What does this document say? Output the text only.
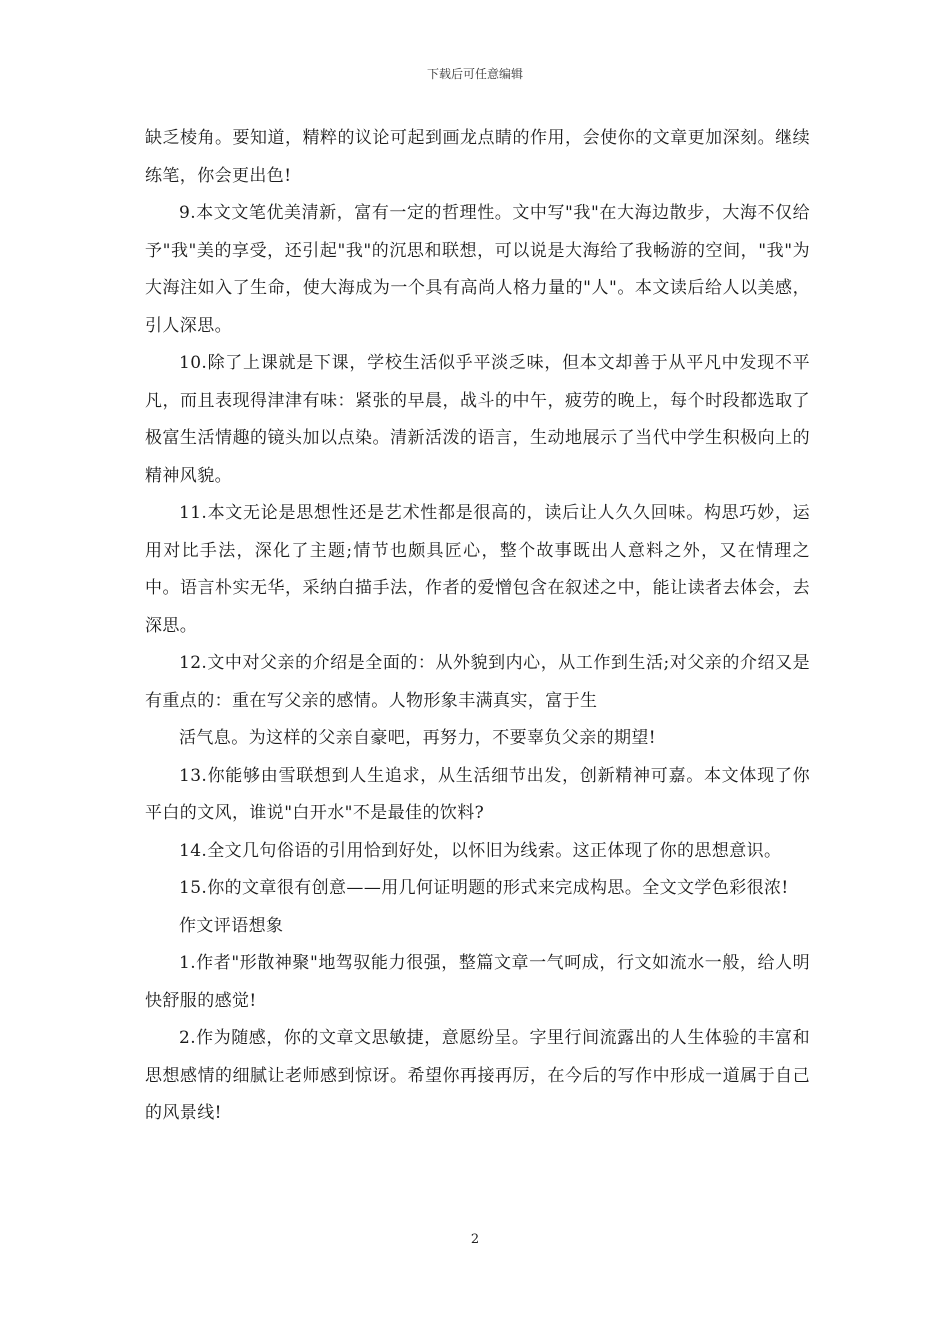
下载后可任意编辑

缺乏棱角。要知道，精粹的议论可起到画龙点睛的作用，会使你的文章更加深刻。继续练笔，你会更出色!

9.本文文笔优美清新，富有一定的哲理性。文中写"我"在大海边散步，大海不仅给予"我"美的享受，还引起"我"的沉思和联想，可以说是大海给了我畅游的空间，"我"为大海注如入了生命，使大海成为一个具有高尚人格力量的"人"。本文读后给人以美感，引人深思。

10.除了上课就是下课，学校生活似乎平淡乏味，但本文却善于从平凡中发现不平凡，而且表现得津津有味：紧张的早晨，战斗的中午，疲劳的晚上，每个时段都选取了极富生活情趣的镜头加以点染。清新活泼的语言，生动地展示了当代中学生积极向上的精神风貌。

11.本文无论是思想性还是艺术性都是很高的，读后让人久久回味。构思巧妙，运用对比手法，深化了主题;情节也颇具匠心，整个故事既出人意料之外，又在情理之中。语言朴实无华，采纳白描手法，作者的爱憎包含在叙述之中，能让读者去体会，去深思。

12.文中对父亲的介绍是全面的：从外貌到内心，从工作到生活;对父亲的介绍又是有重点的：重在写父亲的感情。人物形象丰满真实，富于生

活气息。为这样的父亲自豪吧，再努力，不要辜负父亲的期望!

13.你能够由雪联想到人生追求，从生活细节出发，创新精神可嘉。本文体现了你平白的文风，谁说"白开水"不是最佳的饮料?

14.全文几句俗语的引用恰到好处，以怀旧为线索。这正体现了你的思想意识。

15.你的文章很有创意——用几何证明题的形式来完成构思。全文文学色彩很浓!

作文评语想象

1.作者"形散神聚"地驾驭能力很强，整篇文章一气呵成，行文如流水一般，给人明快舒服的感觉!

2.作为随感，你的文章文思敏捷，意愿纷呈。字里行间流露出的人生体验的丰富和思想感情的细腻让老师感到惊讶。希望你再接再厉，在今后的写作中形成一道属于自己的风景线!

2
